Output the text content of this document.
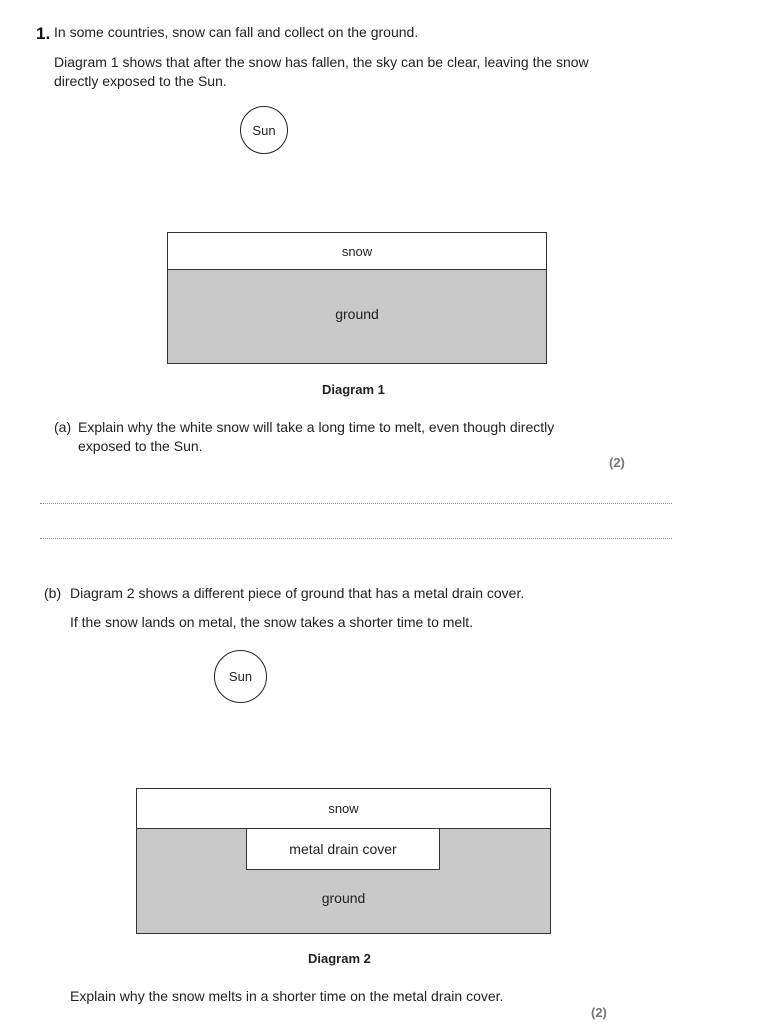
1. In some countries, snow can fall and collect on the ground.
Diagram 1 shows that after the snow has fallen, the sky can be clear, leaving the snow
directly exposed to the Sun.
Sun
snow
ground
Diagram 1
(a) Explain why the white snow will take a long time to melt, even though directly
exposed to the Sun.
(2)
(b) Diagram 2 shows a different piece of ground that has a metal drain cover.
If the snow lands on metal, the snow takes a shorter time to melt.
Sun
snow
ground
metal drain cover
Diagram 2
Explain why the snow melts in a shorter time on the metal drain cover.
(2)
